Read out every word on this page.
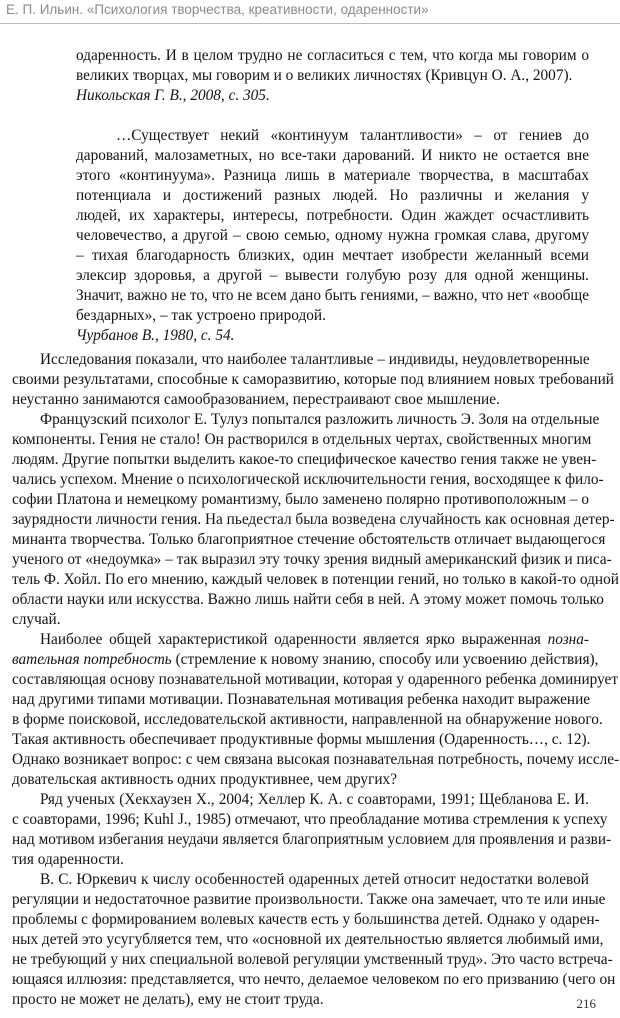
Е. П. Ильин. «Психология творчества, креативности, одаренности»
одаренность. И в целом трудно не согласиться с тем, что когда мы говорим о
великих творцах, мы говорим и о великих личностях (Кривцун О. А., 2007).
Никольская Г. В., 2008, с. 305.
…Существует некий «континуум талантливости» – от гениев до
дарований, малозаметных, но все-таки дарований. И никто не остается вне
этого «континуума». Разница лишь в материале творчества, в масштабах
потенциала и достижений разных людей. Но различны и желания у
людей, их характеры, интересы, потребности. Один жаждет осчастливить
человечество, а другой – свою семью, одному нужна громкая слава, другому
– тихая благодарность близких, один мечтает изобрести желанный всеми
элексир здоровья, а другой – вывести голубую розу для одной женщины.
Значит, важно не то, что не всем дано быть гениями, – важно, что нет «вообще
бездарных», – так устроено природой.
Чурбанов В., 1980, с. 54.
Исследования показали, что наиболее талантливые – индивиды, неудовлетворенные
своими результатами, способные к саморазвитию, которые под влиянием новых требований
неустанно занимаются самообразованием, перестраивают свое мышление.
Французский психолог Е. Тулуз попытался разложить личность Э. Золя на отдельные
компоненты. Гения не стало! Он растворился в отдельных чертах, свойственных многим
людям. Другие попытки выделить какое-то специфическое качество гения также не увен-
чались успехом. Мнение о психологической исключительности гения, восходящее к фило-
софии Платона и немецкому романтизму, было заменено полярно противоположным – о
заурядности личности гения. На пьедестал была возведена случайность как основная детер-
минанта творчества. Только благоприятное стечение обстоятельств отличает выдающегося
ученого от «недоумка» – так выразил эту точку зрения видный американский физик и писа-
тель Ф. Хойл. По его мнению, каждый человек в потенции гений, но только в какой-то одной
области науки или искусства. Важно лишь найти себя в ней. А этому может помочь только
случай.
Наиболее общей характеристикой одаренности является ярко выраженная позна-
вательная потребность (стремление к новому знанию, способу или усвоению действия),
составляющая основу познавательной мотивации, которая у одаренного ребенка доминирует
над другими типами мотивации. Познавательная мотивация ребенка находит выражение
в форме поисковой, исследовательской активности, направленной на обнаружение нового.
Такая активность обеспечивает продуктивные формы мышления (Одаренность…, с. 12).
Однако возникает вопрос: с чем связана высокая познавательная потребность, почему иссле-
довательская активность одних продуктивнее, чем других?
Ряд ученых (Хекхаузен Х., 2004; Хеллер К. А. с соавторами, 1991; Щебланова Е. И.
с соавторами, 1996; Kuhl J., 1985) отмечают, что преобладание мотива стремления к успеху
над мотивом избегания неудачи является благоприятным условием для проявления и разви-
тия одаренности.
В. С. Юркевич к числу особенностей одаренных детей относит недостатки волевой
регуляции и недостаточное развитие произвольности. Также она замечает, что те или иные
проблемы с формированием волевых качеств есть у большинства детей. Однако у одарен-
ных детей это усугубляется тем, что «основной их деятельностью является любимый ими,
не требующий у них специальной волевой регуляции умственный труд». Это часто встреча-
ющаяся иллюзия: представляется, что нечто, делаемое человеком по его призванию (чего он
просто не может не делать), ему не стоит труда.	216
